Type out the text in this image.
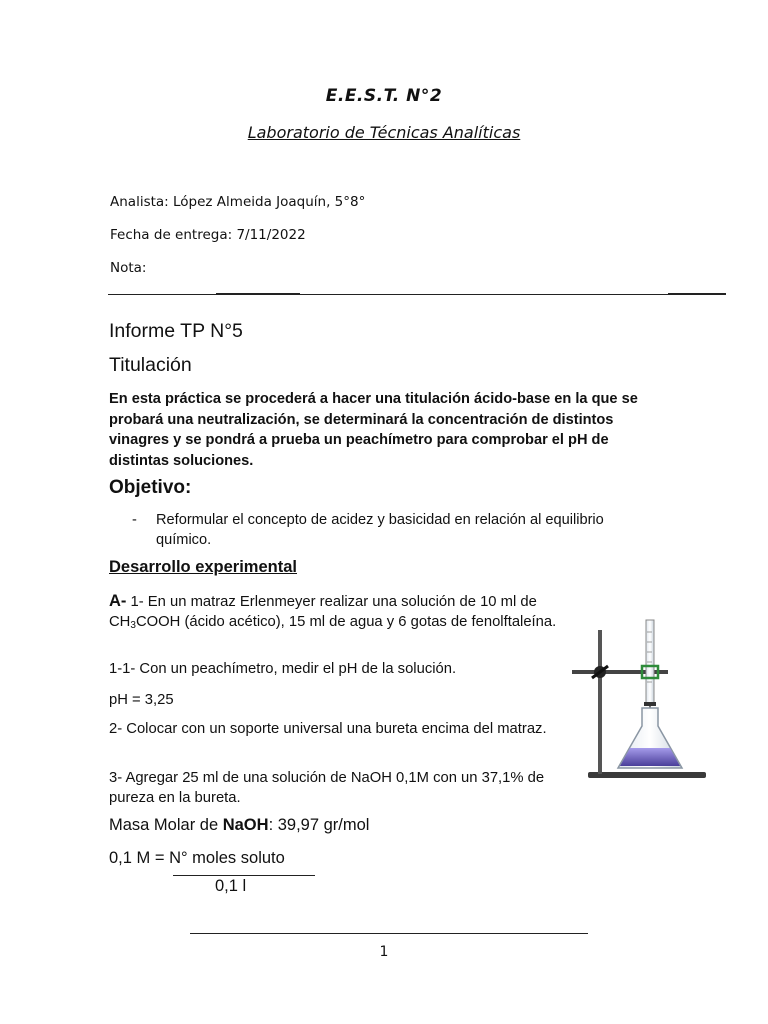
E.E.S.T. N°2
Laboratorio de Técnicas Analíticas
Analista: López Almeida Joaquín, 5°8°
Fecha de entrega: 7/11/2022
Nota:
Informe TP N°5
Titulación
En esta práctica se procederá a hacer una titulación ácido-base en la que se probará una neutralización, se determinará la concentración de distintos vinagres y se pondrá a prueba un peachímetro para comprobar el pH de distintas soluciones.
Objetivo:
- Reformular el concepto de acidez y basicidad en relación al equilibrio químico.
Desarrollo experimental
A- 1- En un matraz Erlenmeyer realizar una solución de 10 ml de $CH_3COOH$ (ácido acético), 15 ml de agua y 6 gotas de fenolftaleína.
1-1- Con un peachímetro, medir el pH de la solución.
pH = 3,25
2- Colocar con un soporte universal una bureta encima del matraz.
3- Agregar 25 ml de una solución de NaOH 0,1M con un 37,1% de pureza en la bureta.
Masa Molar de NaOH: 39,97 gr/mol
0,1 M = N° moles soluto
0,1 l
1
